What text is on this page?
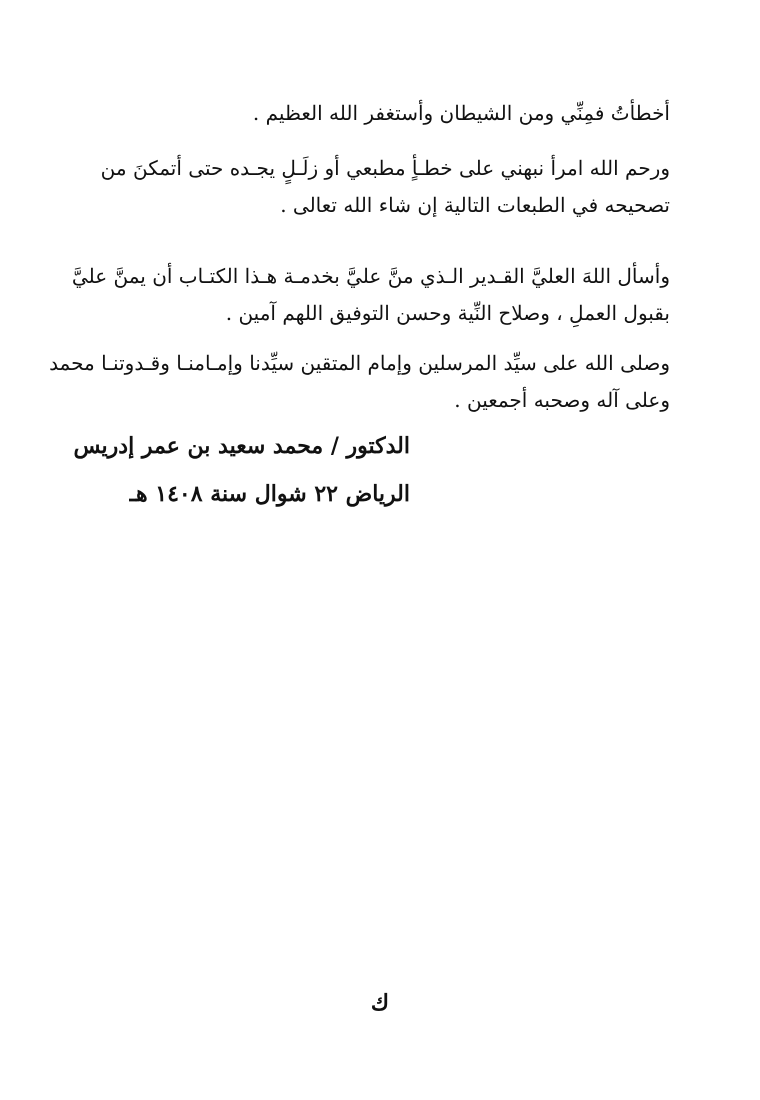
أخطأتُ فمِنِّي ومن الشيطان وأستغفر الله العظيم .
ورحم الله امرأ نبهني على خطـأٍ مطبعي أو زلَـلٍ يجـده حتى أتمكنَ من
تصحيحه في الطبعات التالية إن شاء الله تعالى .
وأسأل اللهَ العليَّ القـدير الـذي منَّ عليَّ بخدمـة هـذا الكتـاب أن يمنَّ عليَّ
بقبول العملِ ، وصلاح النِّية وحسن التوفيق اللهم آمين .
وصلى الله على سيِّد المرسلين وإمام المتقين سيِّدنا وإمـامنـا وقـدوتنـا محمد
وعلى آله وصحبه أجمعين .
الدكتور / محمد سعيد بن عمر إدريس
الرياض ٢٢ شوال سنة ١٤٠٨ هـ
ك
